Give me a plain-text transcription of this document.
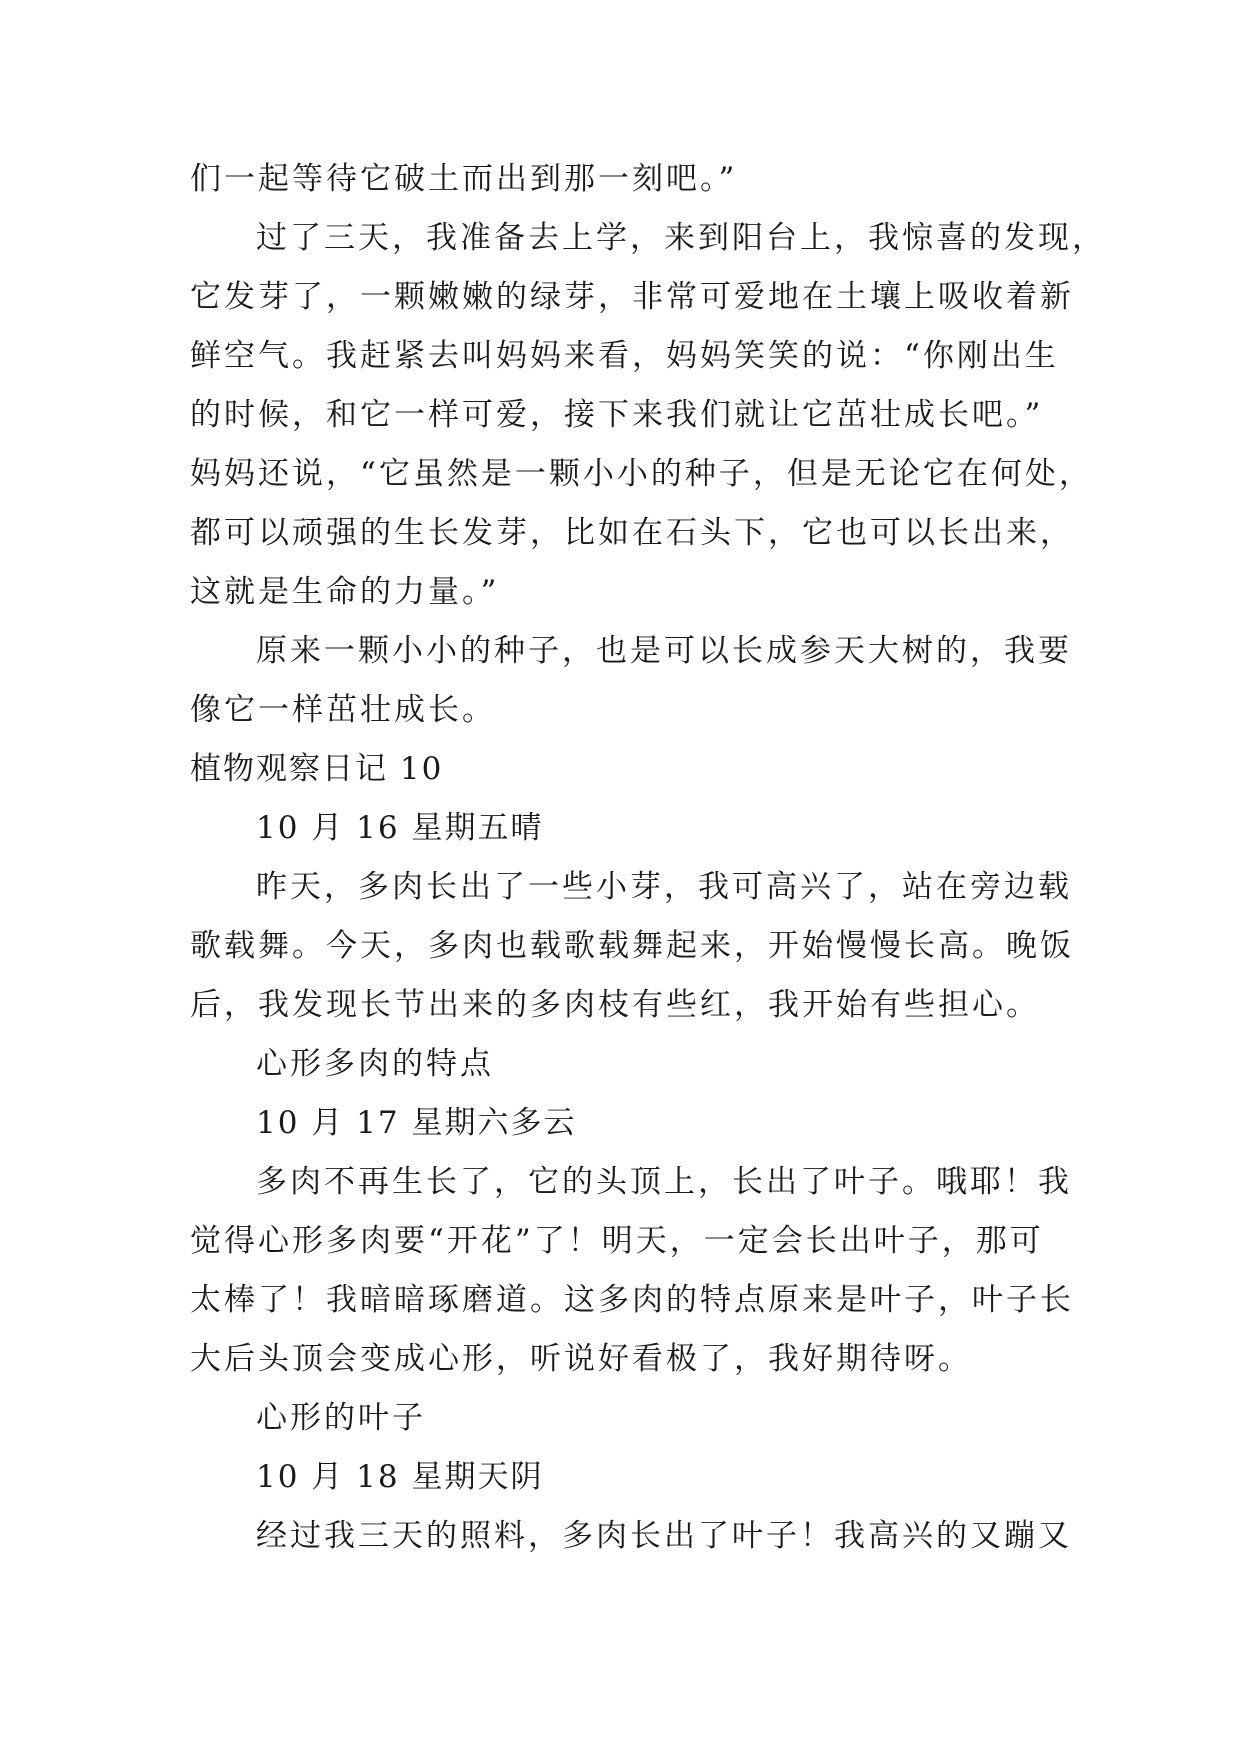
们一起等待它破土而出到那一刻吧。”
过了三天，我准备去上学，来到阳台上，我惊喜的发现，
它发芽了，一颗嫩嫩的绿芽，非常可爱地在土壤上吸收着新
鲜空气。我赶紧去叫妈妈来看，妈妈笑笑的说：“你刚出生
的时候，和它一样可爱，接下来我们就让它茁壮成长吧。”
妈妈还说，“它虽然是一颗小小的种子，但是无论它在何处，
都可以顽强的生长发芽，比如在石头下，它也可以长出来，
这就是生命的力量。”
原来一颗小小的种子，也是可以长成参天大树的，我要
像它一样茁壮成长。
植物观察日记 10
10 月 16 星期五晴
昨天，多肉长出了一些小芽，我可高兴了，站在旁边载
歌载舞。今天，多肉也载歌载舞起来，开始慢慢长高。晚饭
后，我发现长节出来的多肉枝有些红，我开始有些担心。
心形多肉的特点
10 月 17 星期六多云
多肉不再生长了，它的头顶上，长出了叶子。哦耶！我
觉得心形多肉要“开花”了！明天，一定会长出叶子，那可
太棒了！我暗暗琢磨道。这多肉的特点原来是叶子，叶子长
大后头顶会变成心形，听说好看极了，我好期待呀。
心形的叶子
10 月 18 星期天阴
经过我三天的照料，多肉长出了叶子！我高兴的又蹦又
